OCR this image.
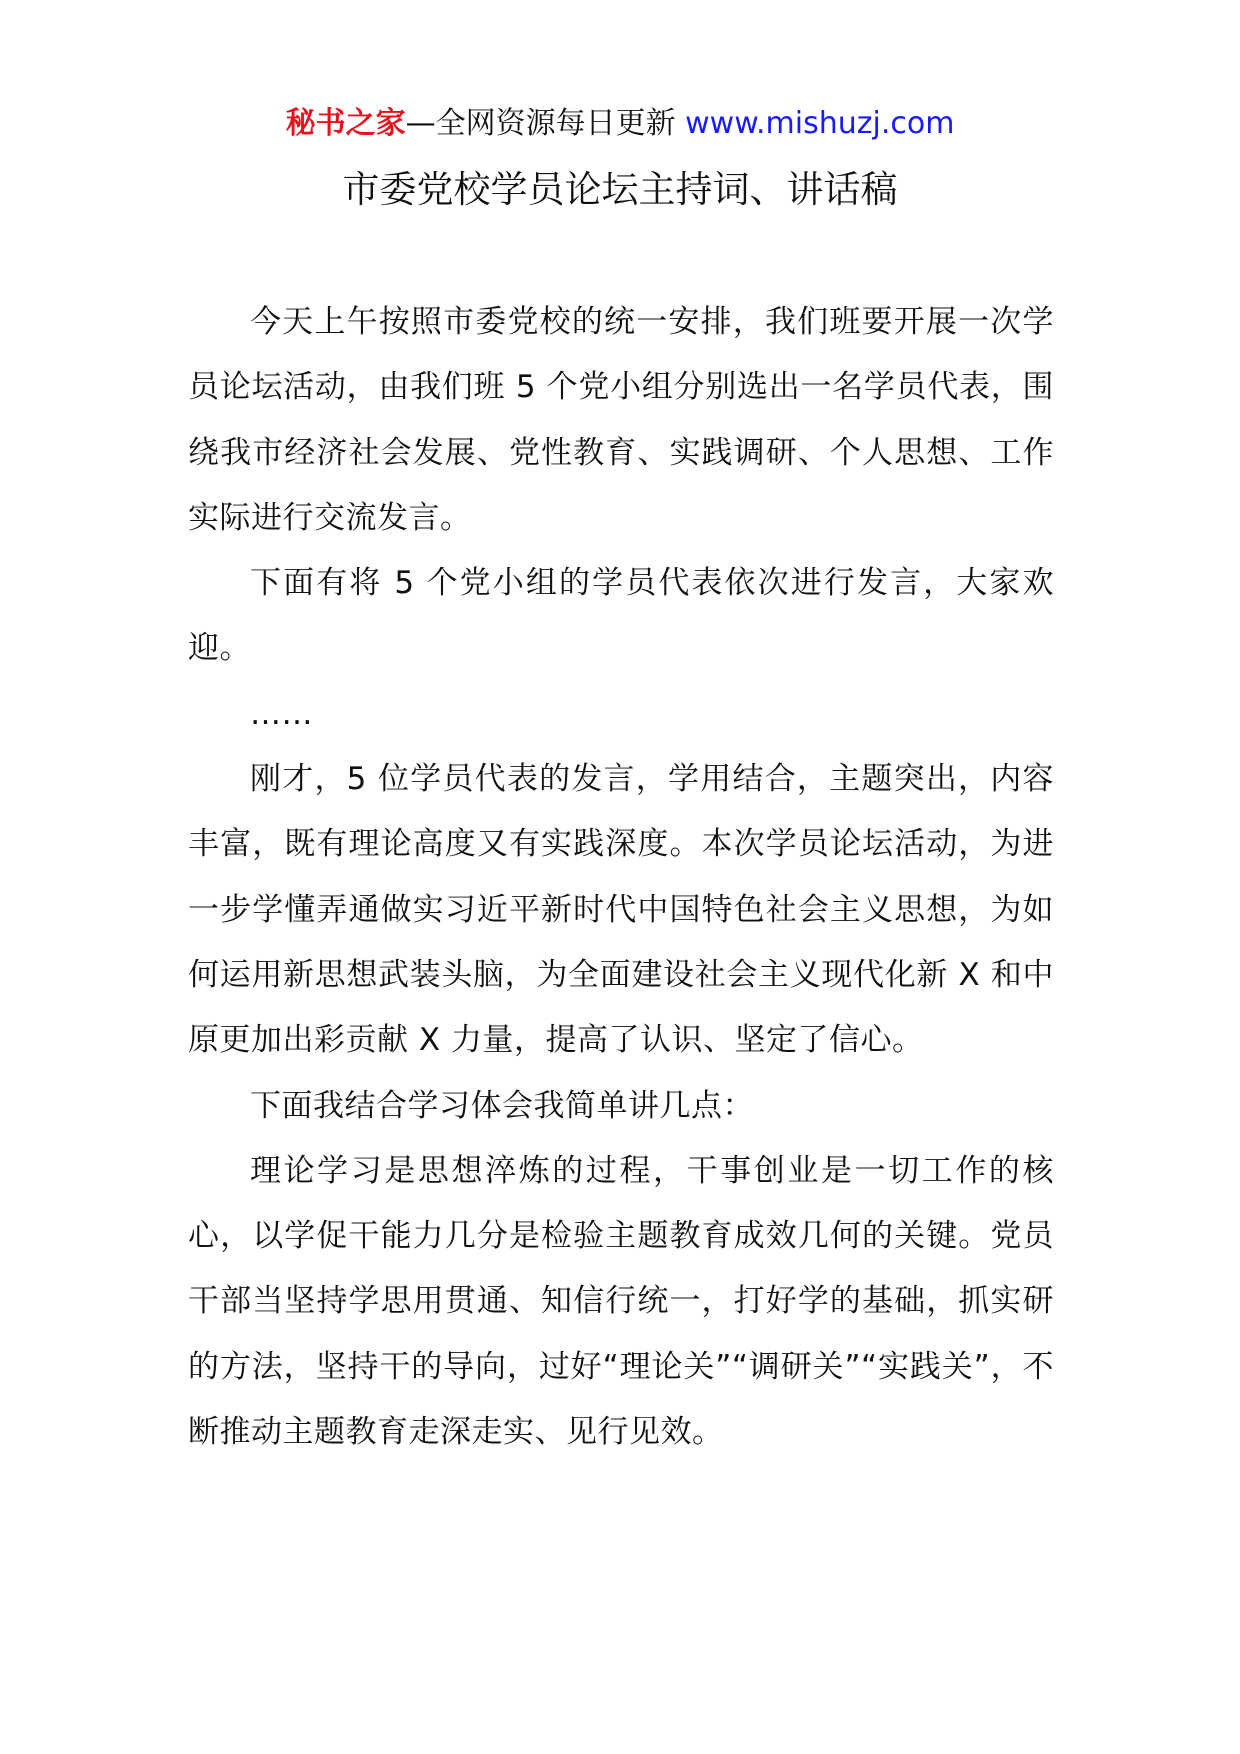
秘书之家—全网资源每日更新 www.mishuzj.com
市委党校学员论坛主持词、讲话稿

今天上午按照市委党校的统一安排，我们班要开展一次学员论坛活动，由我们班 5 个党小组分别选出一名学员代表，围绕我市经济社会发展、党性教育、实践调研、个人思想、工作实际进行交流发言。

下面有将 5 个党小组的学员代表依次进行发言，大家欢迎。

……

刚才，5 位学员代表的发言，学用结合，主题突出，内容丰富，既有理论高度又有实践深度。本次学员论坛活动，为进一步学懂弄通做实习近平新时代中国特色社会主义思想，为如何运用新思想武装头脑，为全面建设社会主义现代化新 X 和中原更加出彩贡献 X 力量，提高了认识、坚定了信心。

下面我结合学习体会我简单讲几点：

理论学习是思想淬炼的过程，干事创业是一切工作的核心，以学促干能力几分是检验主题教育成效几何的关键。党员干部当坚持学思用贯通、知信行统一，打好学的基础，抓实研的方法，坚持干的导向，过好“理论关”“调研关”“实践关”，不断推动主题教育走深走实、见行见效。
